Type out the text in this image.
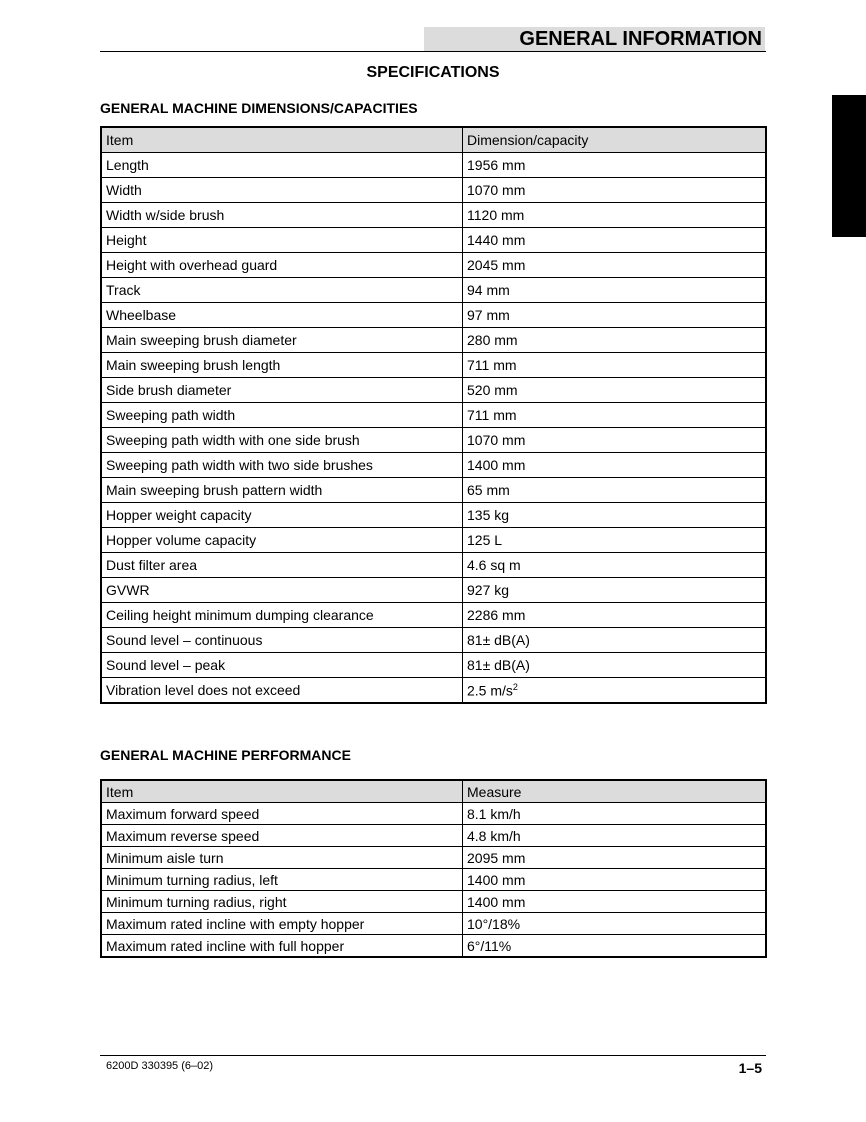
GENERAL INFORMATION
SPECIFICATIONS
GENERAL MACHINE DIMENSIONS/CAPACITIES
Item	Dimension/capacity
Length	1956 mm
Width	1070 mm
Width w/side brush	1120 mm
Height	1440 mm
Height with overhead guard	2045 mm
Track	94 mm
Wheelbase	97 mm
Main sweeping brush diameter	280 mm
Main sweeping brush length	711 mm
Side brush diameter	520 mm
Sweeping path width	711 mm
Sweeping path width with one side brush	1070 mm
Sweeping path width with two side brushes	1400 mm
Main sweeping brush pattern width	65 mm
Hopper weight capacity	135 kg
Hopper volume capacity	125 L
Dust filter area	4.6 sq m
GVWR	927 kg
Ceiling height minimum dumping clearance	2286 mm
Sound level – continuous	81± dB(A)
Sound level – peak	81± dB(A)
Vibration level does not exceed	2.5 $m/s^2$
GENERAL MACHINE PERFORMANCE
Item	Measure
Maximum forward speed	8.1 km/h
Maximum reverse speed	4.8 km/h
Minimum aisle turn	2095 mm
Minimum turning radius, left	1400 mm
Minimum turning radius, right	1400 mm
Maximum rated incline with empty hopper	10°/18%
Maximum rated incline with full hopper	6°/11%
6200D 330395 (6–02)	1–5
